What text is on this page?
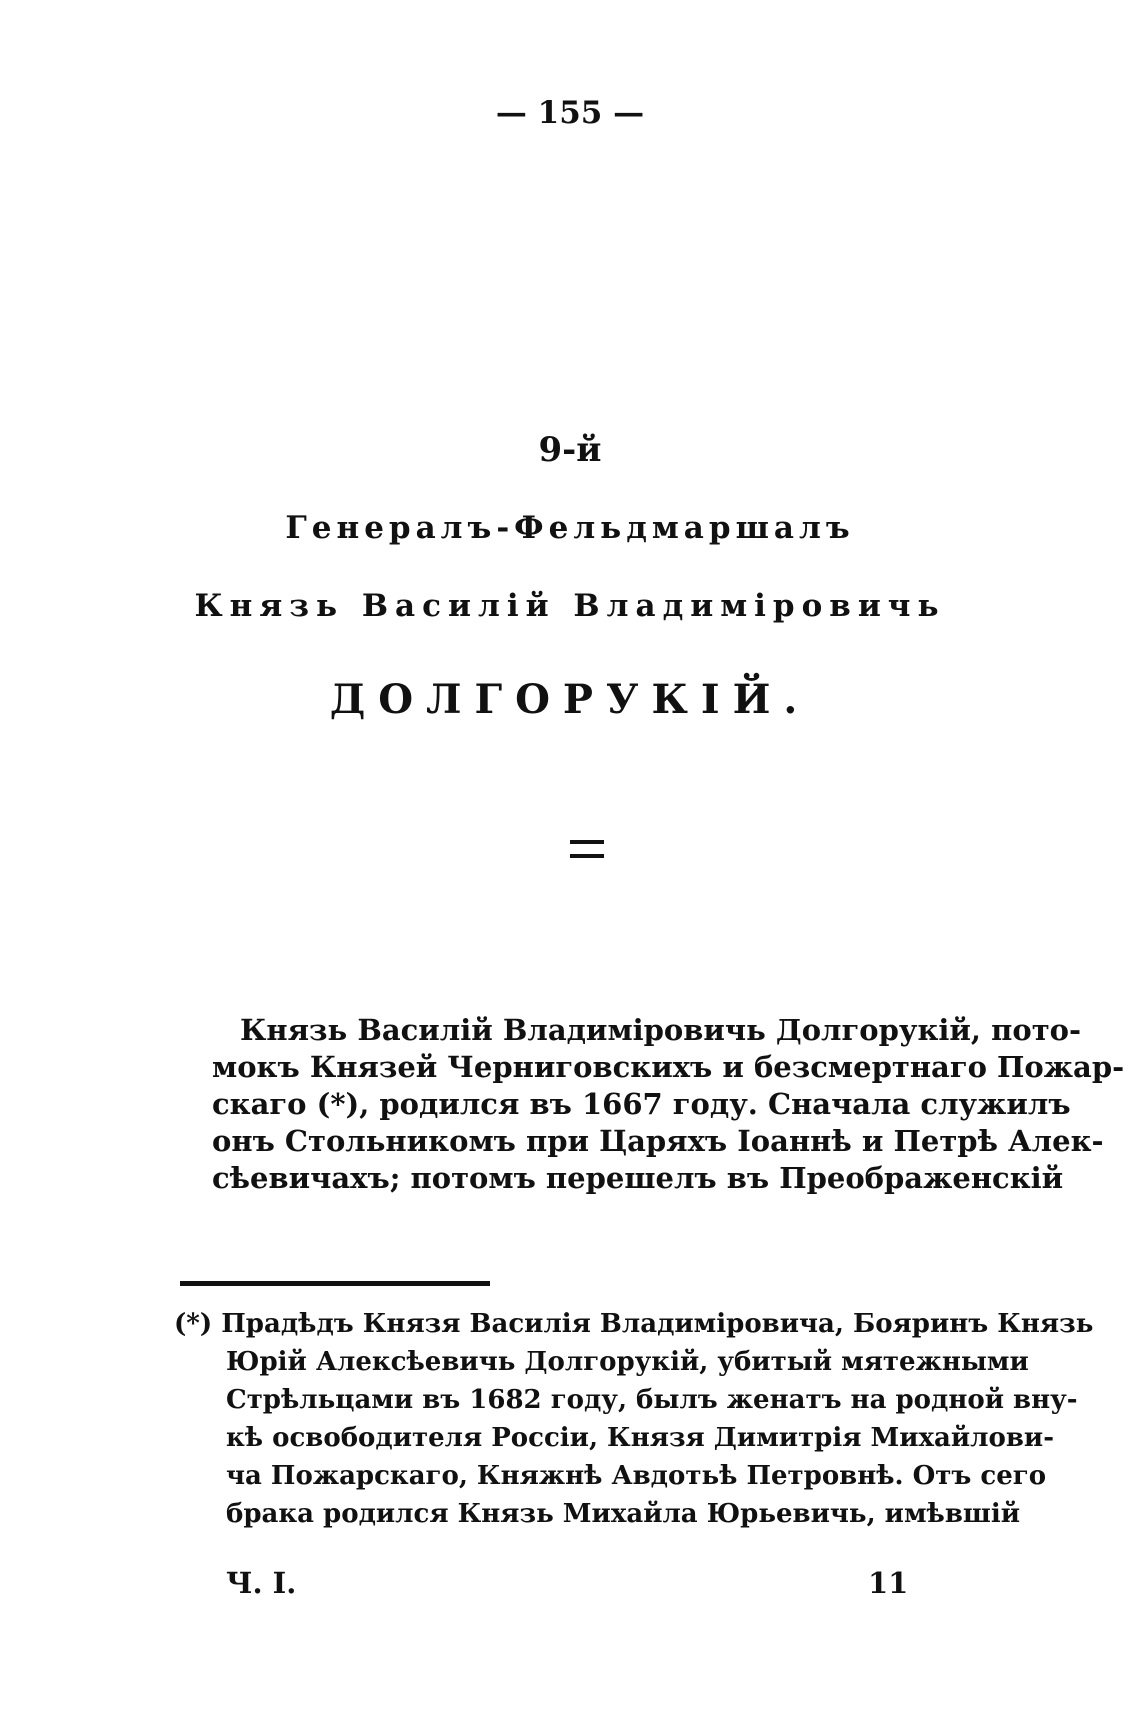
— 155 —
9-й
Генералъ-Фельдмаршалъ
Князь Василій Владиміровичь
ДОЛГОРУКІЙ.
Князь Василій Владиміровичь Долгорукій, пото-
мокъ Князей Черниговскихъ и безсмертнаго Пожар-
скаго (*), родился въ 1667 году. Сначала служилъ
онъ Стольникомъ при Царяхъ Іоаннѣ и Петрѣ Алек-
сѣевичахъ; потомъ перешелъ въ Преображенскій
(*) Прадѣдъ Князя Василія Владиміровича, Бояринъ Князь
Юрій Алексѣевичь Долгорукій, убитый мятежными
Стрѣльцами въ 1682 году, былъ женатъ на родной вну-
кѣ освободителя Россіи, Князя Димитрія Михайлови-
ча Пожарскаго, Княжнѣ Авдотьѣ Петровнѣ. Отъ сего
брака родился Князь Михайла Юрьевичь, имѣвшій
Ч. I.	11
